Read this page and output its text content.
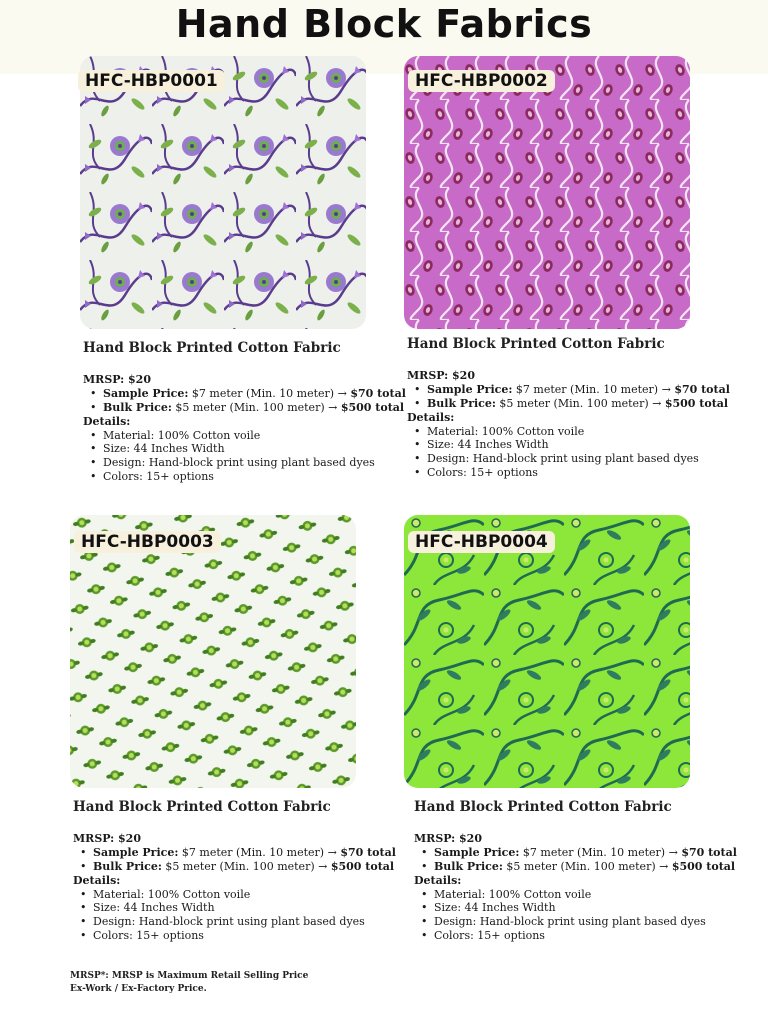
Hand Block Fabrics
HFC-HBP0001
Hand Block Printed Cotton Fabric
MRSP: $20
• Sample Price: $7 meter (Min. 10 meter) → $70 total
• Bulk Price: $5 meter (Min. 100 meter) → $500 total
Details:
• Material: 100% Cotton voile
• Size: 44 Inches Width
• Design: Hand-block print using plant based dyes
• Colors: 15+ options
HFC-HBP0002
Hand Block Printed Cotton Fabric
MRSP: $20
• Sample Price: $7 meter (Min. 10 meter) → $70 total
• Bulk Price: $5 meter (Min. 100 meter) → $500 total
Details:
• Material: 100% Cotton voile
• Size: 44 Inches Width
• Design: Hand-block print using plant based dyes
• Colors: 15+ options
HFC-HBP0003
Hand Block Printed Cotton Fabric
MRSP: $20
• Sample Price: $7 meter (Min. 10 meter) → $70 total
• Bulk Price: $5 meter (Min. 100 meter) → $500 total
Details:
• Material: 100% Cotton voile
• Size: 44 Inches Width
• Design: Hand-block print using plant based dyes
• Colors: 15+ options
HFC-HBP0004
Hand Block Printed Cotton Fabric
MRSP: $20
• Sample Price: $7 meter (Min. 10 meter) → $70 total
• Bulk Price: $5 meter (Min. 100 meter) → $500 total
Details:
• Material: 100% Cotton voile
• Size: 44 Inches Width
• Design: Hand-block print using plant based dyes
• Colors: 15+ options
MRSP*: MRSP is Maximum Retail Selling Price
Ex-Work / Ex-Factory Price.
